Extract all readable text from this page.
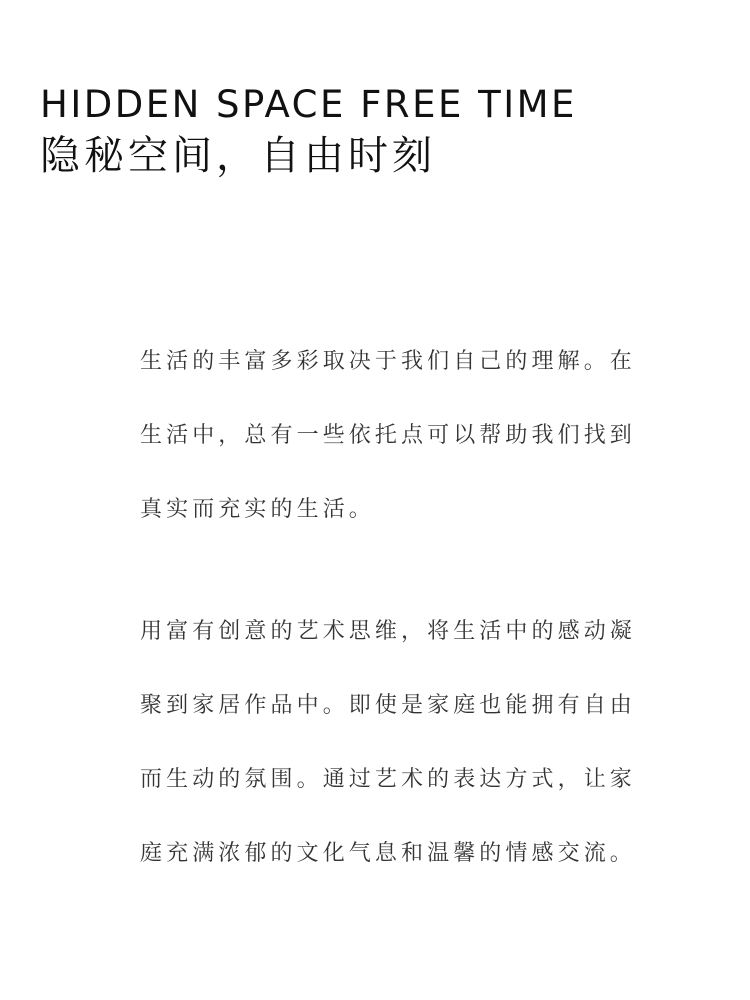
HIDDEN SPACE FREE TIME
隐秘空间，自由时刻
生活的丰富多彩取决于我们自己的理解。在
生活中，总有一些依托点可以帮助我们找到
真实而充实的生活。
用富有创意的艺术思维，将生活中的感动凝
聚到家居作品中。即使是家庭也能拥有自由
而生动的氛围。通过艺术的表达方式，让家
庭充满浓郁的文化气息和温馨的情感交流。
